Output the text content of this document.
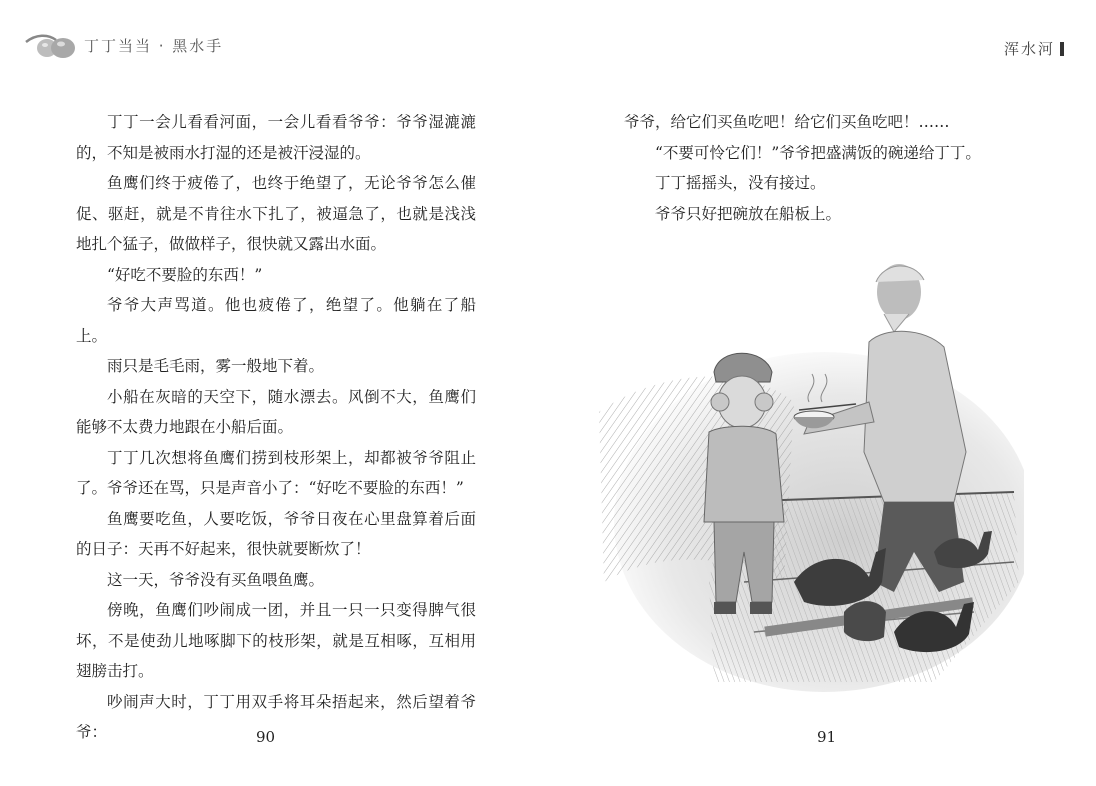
丁丁当当 · 黑水手	浑水河

丁丁一会儿看看河面，一会儿看看爷爷：爷爷湿漉漉的，不知是被雨水打湿的还是被汗浸湿的。

鱼鹰们终于疲倦了，也终于绝望了，无论爷爷怎么催促、驱赶，就是不肯往水下扎了，被逼急了，也就是浅浅地扎个猛子，做做样子，很快就又露出水面。

“好吃不要脸的东西！”

爷爷大声骂道。他也疲倦了，绝望了。他躺在了船上。

雨只是毛毛雨，雾一般地下着。

小船在灰暗的天空下，随水漂去。风倒不大，鱼鹰们能够不太费力地跟在小船后面。

丁丁几次想将鱼鹰们捞到枝形架上，却都被爷爷阻止了。爷爷还在骂，只是声音小了：“好吃不要脸的东西！”

鱼鹰要吃鱼，人要吃饭，爷爷日夜在心里盘算着后面的日子：天再不好起来，很快就要断炊了！

这一天，爷爷没有买鱼喂鱼鹰。

傍晚，鱼鹰们吵闹成一团，并且一只一只变得脾气很坏，不是使劲儿地啄脚下的枝形架，就是互相啄，互相用翅膀击打。

吵闹声大时，丁丁用双手将耳朵捂起来，然后望着爷爷：

爷爷，给它们买鱼吃吧！给它们买鱼吃吧！……

“不要可怜它们！”爷爷把盛满饭的碗递给丁丁。

丁丁摇摇头，没有接过。

爷爷只好把碗放在船板上。

90	91
